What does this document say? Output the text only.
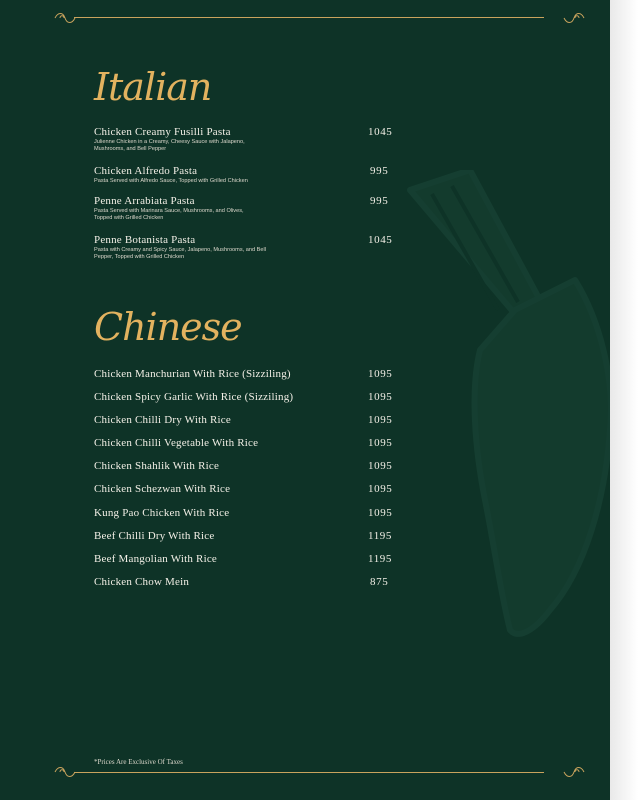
Italian
Chicken Creamy Fusilli Pasta
Julienne Chicken in a Creamy, Cheesy Sauce with Jalapeno, Mushrooms, and Bell Pepper
1045
Chicken Alfredo Pasta
Pasta Served with Alfredo Sauce, Topped with Grilled Chicken
995
Penne Arrabiata Pasta
Pasta Served with Marinara Sauce, Mushrooms, and Olives, Topped with Grilled Chicken
995
Penne Botanista Pasta
Pasta with Creamy and Spicy Sauce, Jalapeno, Mushrooms, and Bell Pepper, Topped with Grilled Chicken
1045
Chinese
Chicken Manchurian With Rice (Sizziling)	1095
Chicken Spicy Garlic With Rice (Sizziling)	1095
Chicken Chilli Dry With Rice	1095
Chicken Chilli Vegetable With Rice	1095
Chicken Shahlik With Rice	1095
Chicken Schezwan With Rice	1095
Kung Pao Chicken With Rice	1095
Beef Chilli Dry With Rice	1195
Beef Mangolian With Rice	1195
Chicken Chow Mein	875
*Prices Are Exclusive Of Taxes
